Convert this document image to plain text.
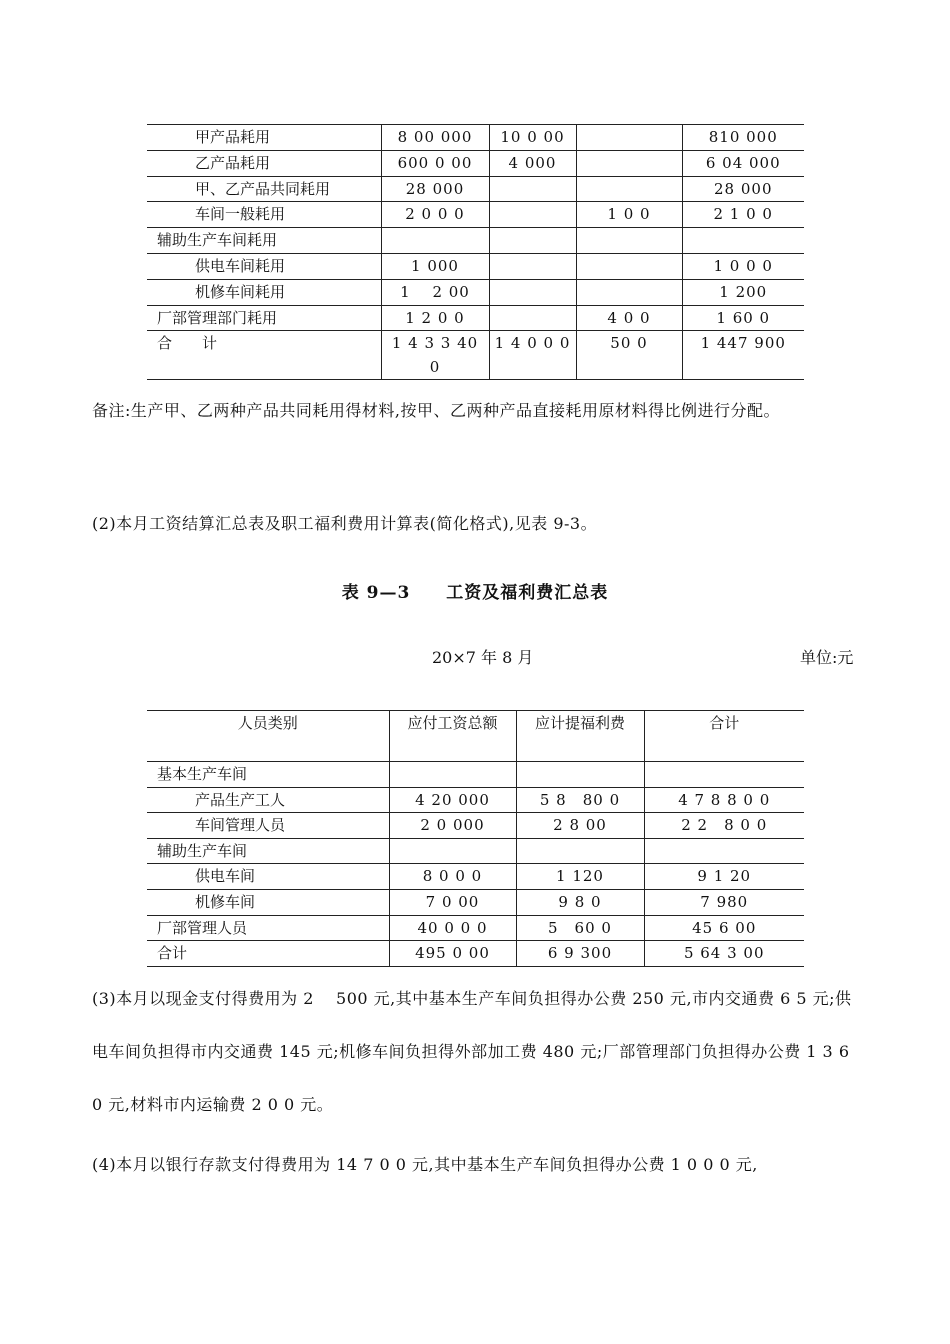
甲产品耗用	8 00 000	10 0 00		810 000
乙产品耗用	600 0 00	4 000		6 04 000
甲、乙产品共同耗用	28 000			28 000
车间一般耗用	2 0 0 0		1 0 0	2 1 0 0
辅助生产车间耗用				
供电车间耗用	1 000			1 0 0 0
机修车间耗用	1　 2 00			1 200
厂部管理部门耗用	1 2 0 0		4 0 0	1 60 0
合　　计	1 4 3 3 40 0	1 4 0 0 0	50 0	1 447 900

备注:生产甲、乙两种产品共同耗用得材料,按甲、乙两种产品直接耗用原材料得比例进行分配。

(2)本月工资结算汇总表及职工福利费用计算表(简化格式),见表 9-3。

表 9—3　　工资及福利费汇总表
20×7 年 8 月	单位:元
人员类别	应付工资总额	应计提福利费	合计
基本生产车间			
产品生产工人	4 20 000	5 8　80 0	4 7 8 8 0 0
车间管理人员	2 0 000	2 8 00	2 2　8 0 0
辅助生产车间			
供电车间	8 0 0 0	1 120	9 1 20
机修车间	7 0 00	9 8 0	7 980
厂部管理人员	40 0 0 0	5　60 0	45 6 00
合计	495 0 00	6 9 300	5 64 3 00

(3)本月以现金支付得费用为 2　 500 元,其中基本生产车间负担得办公费 250 元,市内交通费 6 5 元;供电车间负担得市内交通费 145 元;机修车间负担得外部加工费 480 元;厂部管理部门负担得办公费 1 3 6 0 元,材料市内运输费 2 0 0 元。

(4)本月以银行存款支付得费用为 14 7 0 0 元,其中基本生产车间负担得办公费 1 0 0 0 元,
